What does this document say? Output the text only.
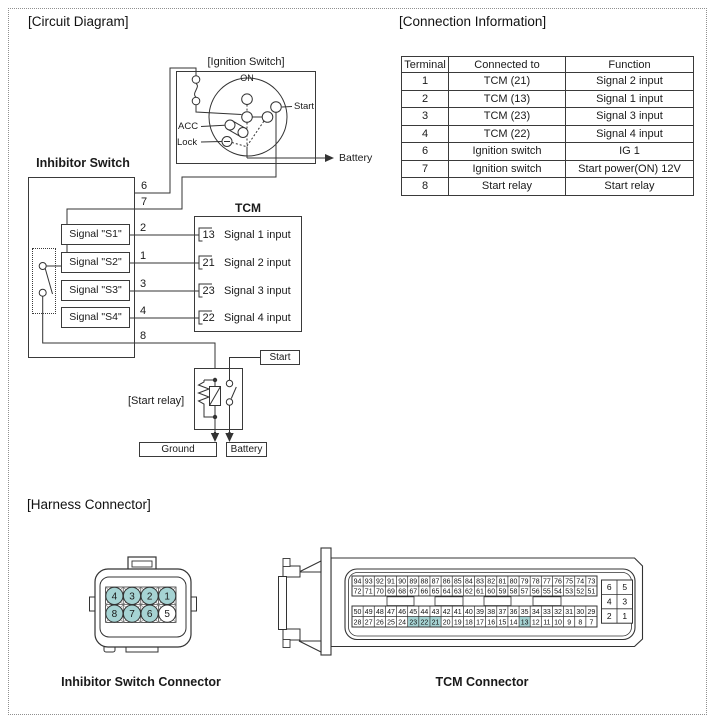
4 3 2 1
8 7 6 5
94 93 92 91 90 89 88 87 86 85 84 83 82 81 80 79 78 77 76 75 74 73
72 71 70 69 68 67 66 65 64 63 62 61 60 59 58 57 56 55 54 53 52 51
50 49 48 47 46 45 44 43 42 41 40 39 38 37 36 35 34 33 32 31 30 29
28 27 26 25 24 23 22 21 20 19 18 17 16 15 14 13 12 11 10 9 8 7
6 5
4 3
2 1
[Circuit Diagram]	[Connection Information]
[Harness Connector]
[Ignition Switch]
ON
Start
ACC
Lock
Battery
Inhibitor Switch
Signal "S1"
Signal "S2"
Signal "S3"
Signal "S4"
6
7
2
1
3
4
8
TCM
13 Signal 1 input
21 Signal 2 input
23 Signal 3 input
22 Signal 4 input
[Start relay]
Start
Ground	Battery
Terminal	Connected to	Function
1	TCM (21)	Signal 2 input
2	TCM (13)	Signal 1 input
3	TCM (23)	Signal 3 input
4	TCM (22)	Signal 4 input
6	Ignition switch	IG 1
7	Ignition switch	Start power(ON) 12V
8	Start relay	Start relay
Inhibitor Switch Connector	TCM Connector
